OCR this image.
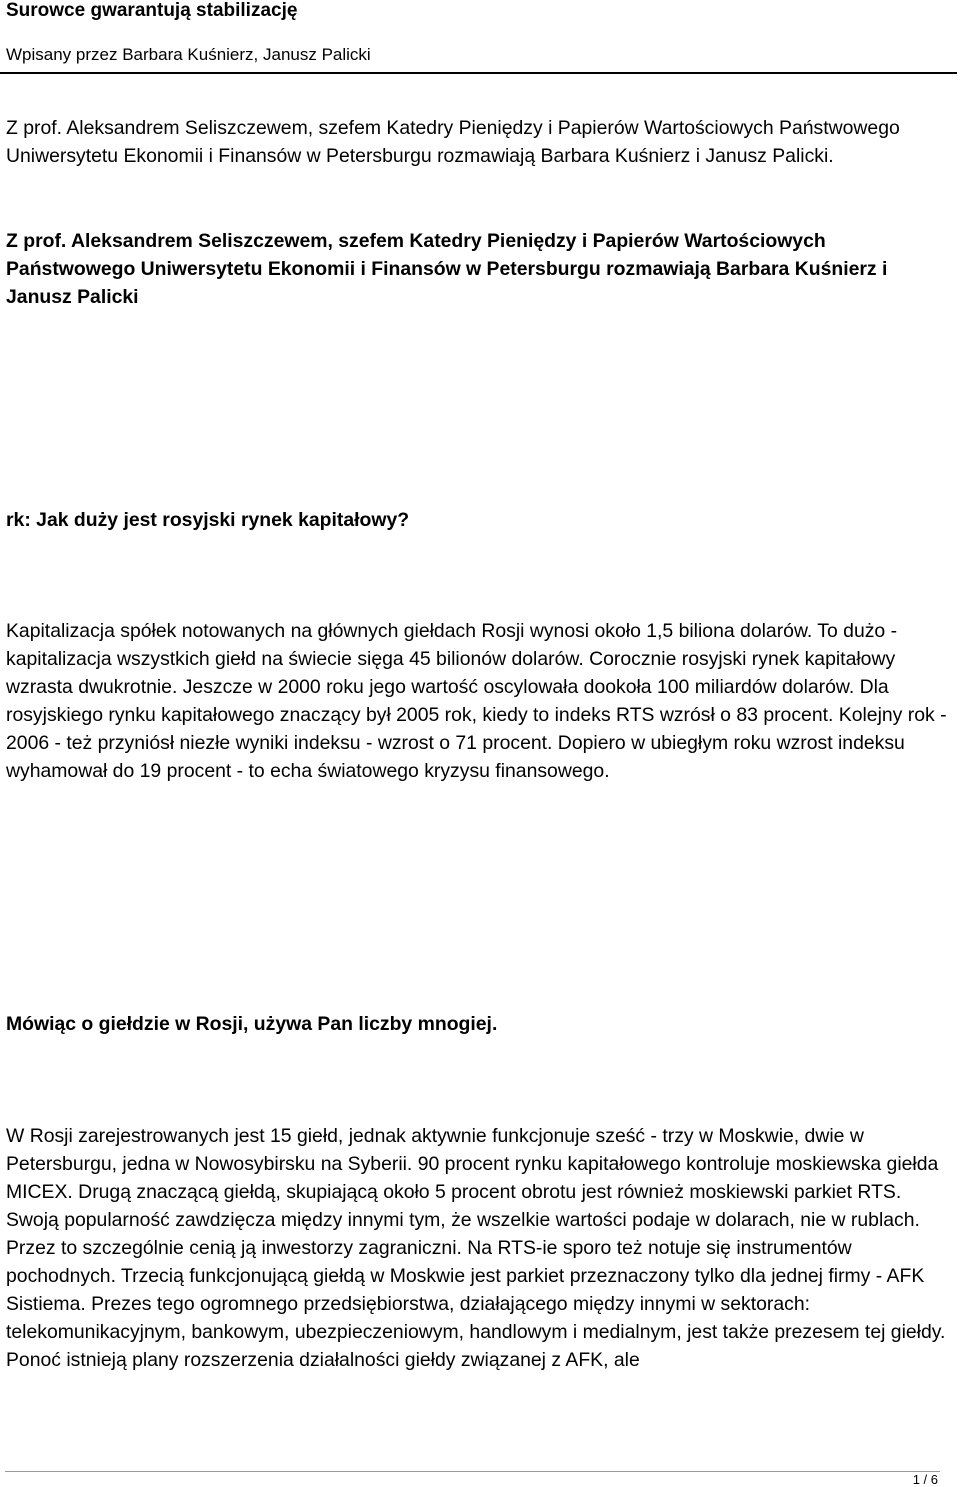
Surowce gwarantują stabilizację

Wpisany przez Barbara Kuśnierz, Janusz Palicki

Z prof. Aleksandrem Seliszczewem, szefem Katedry Pieniędzy i Papierów Wartościowych Państwowego Uniwersytetu Ekonomii i Finansów w Petersburgu rozmawiają Barbara Kuśnierz i Janusz Palicki.

Z prof. Aleksandrem Seliszczewem, szefem Katedry Pieniędzy i Papierów Wartościowych Państwowego Uniwersytetu Ekonomii i Finansów w Petersburgu rozmawiają Barbara Kuśnierz i Janusz Palicki

rk: Jak duży jest rosyjski rynek kapitałowy?

Kapitalizacja spółek notowanych na głównych giełdach Rosji wynosi około 1,5 biliona dolarów. To dużo - kapitalizacja wszystkich giełd na świecie sięga 45 bilionów dolarów. Corocznie rosyjski rynek kapitałowy wzrasta dwukrotnie. Jeszcze w 2000 roku jego wartość oscylowała dookoła 100 miliardów dolarów. Dla rosyjskiego rynku kapitałowego znaczący był 2005 rok, kiedy to indeks RTS wzrósł o 83 procent. Kolejny rok - 2006 - też przyniósł niezłe wyniki indeksu - wzrost o 71 procent. Dopiero w ubiegłym roku wzrost indeksu wyhamował do 19 procent - to echa światowego kryzysu finansowego.

Mówiąc o giełdzie w Rosji, używa Pan liczby mnogiej.

W Rosji zarejestrowanych jest 15 giełd, jednak aktywnie funkcjonuje sześć - trzy w Moskwie, dwie w Petersburgu, jedna w Nowosybirsku na Syberii. 90 procent rynku kapitałowego kontroluje moskiewska giełda MICEX. Drugą znaczącą giełdą, skupiającą około 5 procent obrotu jest również moskiewski parkiet RTS. Swoją popularność zawdzięcza między innymi tym, że wszelkie wartości podaje w dolarach, nie w rublach. Przez to szczególnie cenią ją inwestorzy zagraniczni. Na RTS-ie sporo też notuje się instrumentów pochodnych. Trzecią funkcjonującą giełdą w Moskwie jest parkiet przeznaczony tylko dla jednej firmy - AFK Sistiema. Prezes tego ogromnego przedsiębiorstwa, działającego między innymi w sektorach: telekomunikacyjnym, bankowym, ubezpieczeniowym, handlowym i medialnym, jest także prezesem tej giełdy. Ponoć istnieją plany rozszerzenia działalności giełdy związanej z AFK, ale

1 / 6
